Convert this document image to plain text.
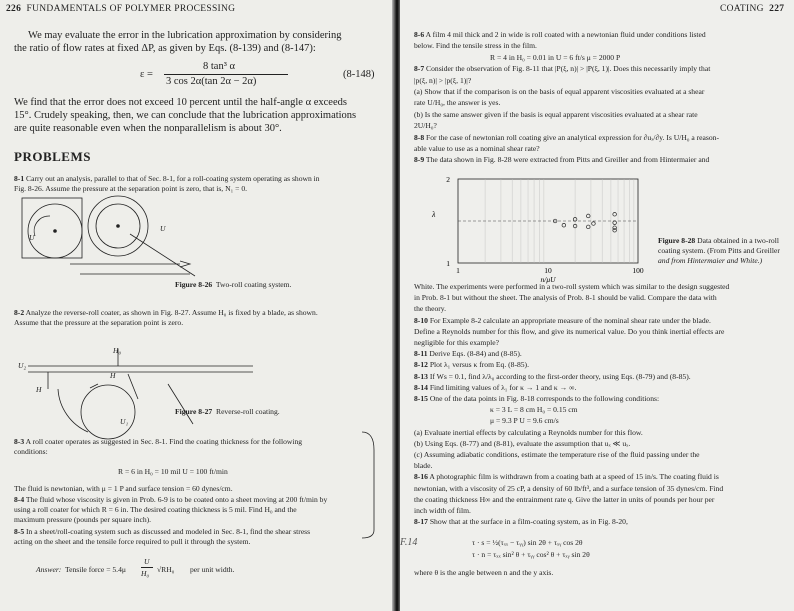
226 FUNDAMENTALS OF POLYMER PROCESSING
We may evaluate the error in the lubrication approximation by considering
the ratio of flow rates at fixed ΔP, as given by Eqs. (8-139) and (8-147):
ε =
8 tan³ α
3 cos 2α(tan 2α − 2α)
(8-148)
We find that the error does not exceed 10 percent until the half-angle α exceeds
15°. Crudely speaking, then, we can conclude that the lubrication approximations
are quite reasonable even when the nonparallelism is about 30°.
PROBLEMS
8-1 Carry out an analysis, parallel to that of Sec. 8-1, for a roll-coating system operating as shown in
Fig. 8-26. Assume the pressure at the separation point is zero, that is, N₁ = 0.
U
U
Figure 8-26 Two-roll coating system.
8-2 Analyze the reverse-roll coater, as shown in Fig. 8-27. Assume H₀ is fixed by a blade, as shown.
Assume that the pressure at the separation point is zero.
H₀
U₂
H
H
U₁
Figure 8-27 Reverse-roll coating.
8-3 A roll coater operates as suggested in Sec. 8-1. Find the coating thickness for the following
conditions:
R = 6 in H₀ = 10 mil U = 100 ft/min
The fluid is newtonian, with μ = 1 P and surface tension = 60 dynes/cm.
8-4 The fluid whose viscosity is given in Prob. 6-9 is to be coated onto a sheet moving at 200 ft/min by
using a roll coater for which R = 6 in. The desired coating thickness is 5 mil. Find H₀ and the
maximum pressure (pounds per square inch).
8-5 In a sheet/roll-coating system such as discussed and modeled in Sec. 8-1, find the shear stress
acting on the sheet and the tensile force required to pull it through the system.
Answer: Tensile force = 5.4μ
U
H₀ √RH₀ per unit width.
COATING 227
8-6 A film 4 mil thick and 2 in wide is roll coated with a newtonian fluid under conditions listed
below. Find the tensile stress in the film.
R = 4 in H₀ = 0.01 in U = 6 ft/s μ = 2000 P
8-7 Consider the observation of Fig. 8-11 that |P(ξ, n)| > |P(ξ, 1)|. Does this necessarily imply that
|p(ξ, n)| > |p(ξ, 1)|?
(a) Show that if the comparison is on the basis of equal apparent viscosities evaluated at a shear
rate U/H₀, the answer is yes.
(b) Is the same answer given if the basis is equal apparent viscosities evaluated at a shear rate
2U/H₀?
8-8 For the case of newtonian roll coating give an analytical expression for ∂uₓ/∂y. Is U/H₀ a reason-
able value to use as a nominal shear rate?
8-9 The data shown in Fig. 8-28 were extracted from Pitts and Greiller and from Hintermaier and
1	10	100
1
2
λ
n/μU
Figure 8-28 Data obtained in a two-roll
coating system. (From Pitts and Greiller
and from Hintermaier and White.)
White. The experiments were performed in a two-roll system which was similar to the design suggested
in Prob. 8-1 but without the sheet. The analysis of Prob. 8-1 should be valid. Compare the data with
the theory.
8-10 For Example 8-2 calculate an appropriate measure of the nominal shear rate under the blade.
Define a Reynolds number for this flow, and give its numerical value. Do you think inertial effects are
negligible for this example?
8-11 Derive Eqs. (8-84) and (8-85).
8-12 Plot λ₁ versus κ from Eq. (8-85).
8-13 If Ws = 0.1, find λ/λ₀ according to the first-order theory, using Eqs. (8-79) and (8-85).
8-14 Find limiting values of λ₁ for κ → 1 and κ → ∞.
8-15 One of the data points in Fig. 8-18 corresponds to the following conditions:
κ = 3 L = 8 cm H₀ = 0.15 cm
μ = 9.3 P U = 9.6 cm/s
(a) Evaluate inertial effects by calculating a Reynolds number for this flow.
(b) Using Eqs. (8-77) and (8-81), evaluate the assumption that uₓ ≪ uₓ.
(c) Assuming adiabatic conditions, estimate the temperature rise of the fluid passing under the
blade.
8-16 A photographic film is withdrawn from a coating bath at a speed of 15 in/s. The coating fluid is
newtonian, with a viscosity of 25 cP, a density of 60 lb/ft³, and a surface tension of 35 dynes/cm. Find
the coating thickness H∞ and the entrainment rate q. Give the latter in units of pounds per hour per
inch width of film.
8-17 Show that at the surface in a film-coating system, as in Fig. 8-20,
τ · s = ½(τₓₓ − τᵧᵧ) sin 2θ + τₓᵧ cos 2θ
τ · n = τₓₓ sin² θ + τᵧᵧ cos² θ + τₓᵧ sin 2θ
where θ is the angle between n and the y axis.
F.14
